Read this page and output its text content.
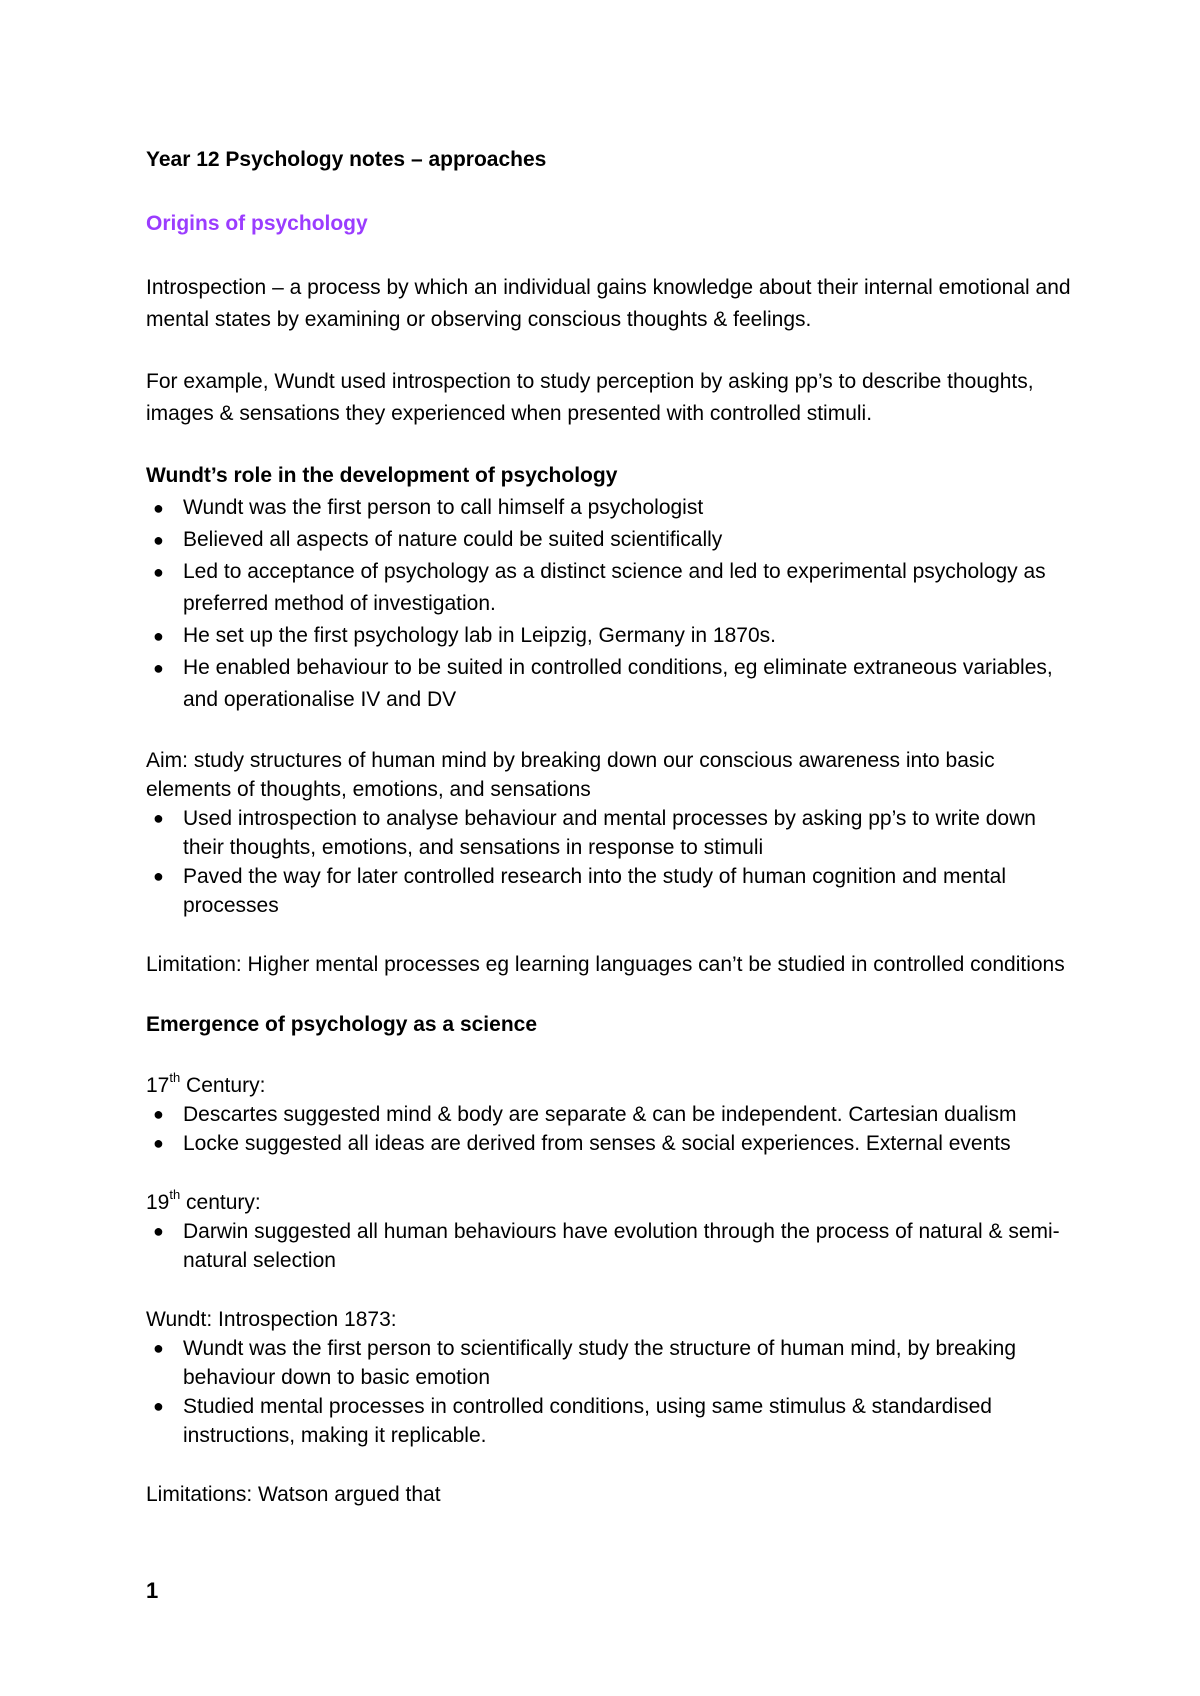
Year 12 Psychology notes – approaches

Origins of psychology

Introspection – a process by which an individual gains knowledge about their internal emotional and mental states by examining or observing conscious thoughts & feelings.

For example, Wundt used introspection to study perception by asking pp’s to describe thoughts, images & sensations they experienced when presented with controlled stimuli.

Wundt’s role in the development of psychology

● Wundt was the first person to call himself a psychologist
● Believed all aspects of nature could be suited scientifically
● Led to acceptance of psychology as a distinct science and led to experimental psychology as preferred method of investigation.
● He set up the first psychology lab in Leipzig, Germany in 1870s.
● He enabled behaviour to be suited in controlled conditions, eg eliminate extraneous variables, and operationalise IV and DV

Aim: study structures of human mind by breaking down our conscious awareness into basic elements of thoughts, emotions, and sensations

● Used introspection to analyse behaviour and mental processes by asking pp’s to write down their thoughts, emotions, and sensations in response to stimuli
● Paved the way for later controlled research into the study of human cognition and mental processes

Limitation: Higher mental processes eg learning languages can’t be studied in controlled conditions

Emergence of psychology as a science

17th Century:

● Descartes suggested mind & body are separate & can be independent. Cartesian dualism
● Locke suggested all ideas are derived from senses & social experiences. External events

19th century:

● Darwin suggested all human behaviours have evolution through the process of natural & semi-natural selection

Wundt: Introspection 1873:

● Wundt was the first person to scientifically study the structure of human mind, by breaking behaviour down to basic emotion
● Studied mental processes in controlled conditions, using same stimulus & standardised instructions, making it replicable.

Limitations: Watson argued that

1
